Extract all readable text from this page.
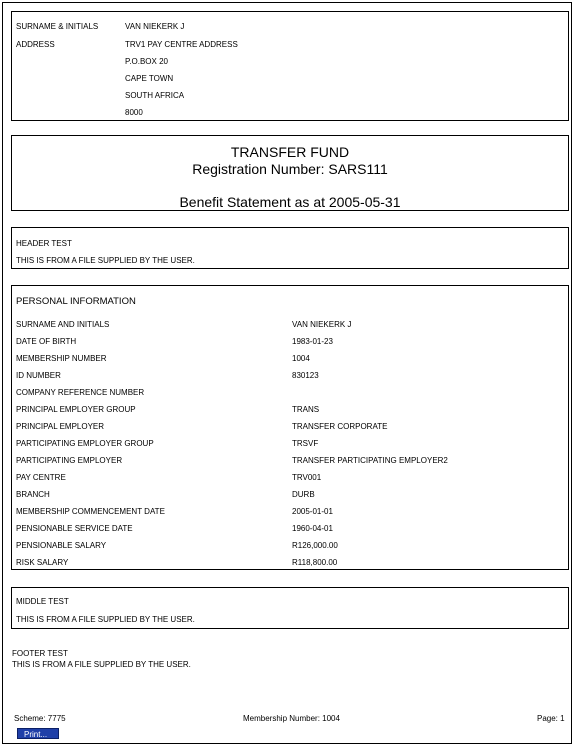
SURNAME & INITIALS	VAN NIEKERK J
ADDRESS	TRV1 PAY CENTRE ADDRESS
P.O.BOX 20
CAPE TOWN
SOUTH AFRICA
8000
TRANSFER FUND
Registration Number: SARS111
Benefit Statement as at 2005-05-31
HEADER TEST
THIS IS FROM A FILE SUPPLIED BY THE USER.
PERSONAL INFORMATION
SURNAME AND INITIALS	VAN NIEKERK J
DATE OF BIRTH	1983-01-23
MEMBERSHIP NUMBER	1004
ID NUMBER	830123
COMPANY REFERENCE NUMBER
PRINCIPAL EMPLOYER GROUP	TRANS
PRINCIPAL EMPLOYER	TRANSFER CORPORATE
PARTICIPATING EMPLOYER GROUP	TRSVF
PARTICIPATING EMPLOYER	TRANSFER PARTICIPATING EMPLOYER2
PAY CENTRE	TRV001
BRANCH	DURB
MEMBERSHIP COMMENCEMENT DATE	2005-01-01
PENSIONABLE SERVICE DATE	1960-04-01
PENSIONABLE SALARY	R126,000.00
RISK SALARY	R118,800.00
MIDDLE TEST
THIS IS FROM A FILE SUPPLIED BY THE USER.
FOOTER TEST
THIS IS FROM A FILE SUPPLIED BY THE USER.
Scheme: 7775	Membership Number: 1004	Page: 1
Print...
